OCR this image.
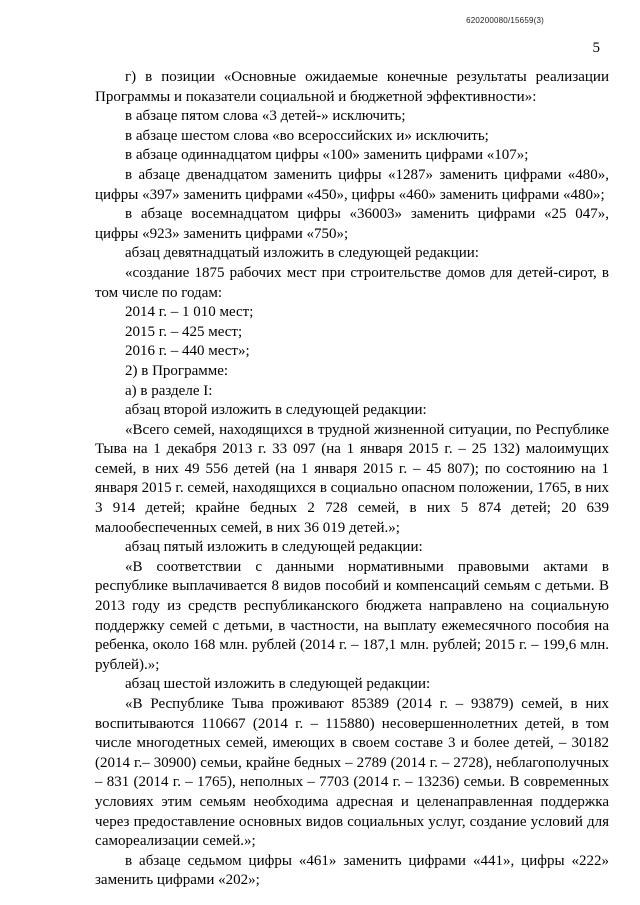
620200080/15659(3)
5

г) в позиции «Основные ожидаемые конечные результаты реализации Программы и показатели социальной и бюджетной эффективности»:

в абзаце пятом слова «3 детей-» исключить;

в абзаце шестом слова «во всероссийских и» исключить;

в абзаце одиннадцатом цифры «100» заменить цифрами «107»;

в абзаце двенадцатом заменить цифры «1287» заменить цифрами «480», цифры «397» заменить цифрами «450», цифры «460» заменить цифрами «480»;

в абзаце восемнадцатом цифры «36003» заменить цифрами «25 047», цифры «923» заменить цифрами «750»;

абзац девятнадцатый изложить в следующей редакции:

«создание 1875 рабочих мест при строительстве домов для детей-сирот, в том числе по годам:

2014 г. – 1 010 мест;

2015 г. – 425 мест;

2016 г. – 440 мест»;

2) в Программе:

а) в разделе I:

абзац второй изложить в следующей редакции:

«Всего семей, находящихся в трудной жизненной ситуации, по Республике Тыва на 1 декабря 2013 г. 33 097 (на 1 января 2015 г. – 25 132) малоимущих семей, в них 49 556 детей (на 1 января 2015 г. – 45 807); по состоянию на 1 января 2015 г. семей, находящихся в социально опасном положении, 1765, в них 3 914 детей; крайне бедных 2 728 семей, в них 5 874 детей; 20 639 малообеспеченных семей, в них 36 019 детей.»;

абзац пятый изложить в следующей редакции:

«В соответствии с данными нормативными правовыми актами в республике выплачивается 8 видов пособий и компенсаций семьям с детьми. В 2013 году из средств республиканского бюджета направлено на социальную поддержку семей с детьми, в частности, на выплату ежемесячного пособия на ребенка, около 168 млн. рублей (2014 г. – 187,1 млн. рублей; 2015 г. – 199,6 млн. рублей).»;

абзац шестой изложить в следующей редакции:

«В Республике Тыва проживают 85389 (2014 г. – 93879) семей, в них воспитываются 110667 (2014 г. – 115880) несовершеннолетних детей, в том числе многодетных семей, имеющих в своем составе 3 и более детей, – 30182 (2014 г.– 30900) семьи, крайне бедных – 2789 (2014 г. – 2728), неблагополучных – 831 (2014 г. – 1765), неполных – 7703 (2014 г. – 13236) семьи. В современных условиях этим семьям необходима адресная и целенаправленная поддержка через предоставление основных видов социальных услуг, создание условий для самореализации семей.»;

в абзаце седьмом цифры «461» заменить цифрами «441», цифры «222» заменить цифрами «202»;
